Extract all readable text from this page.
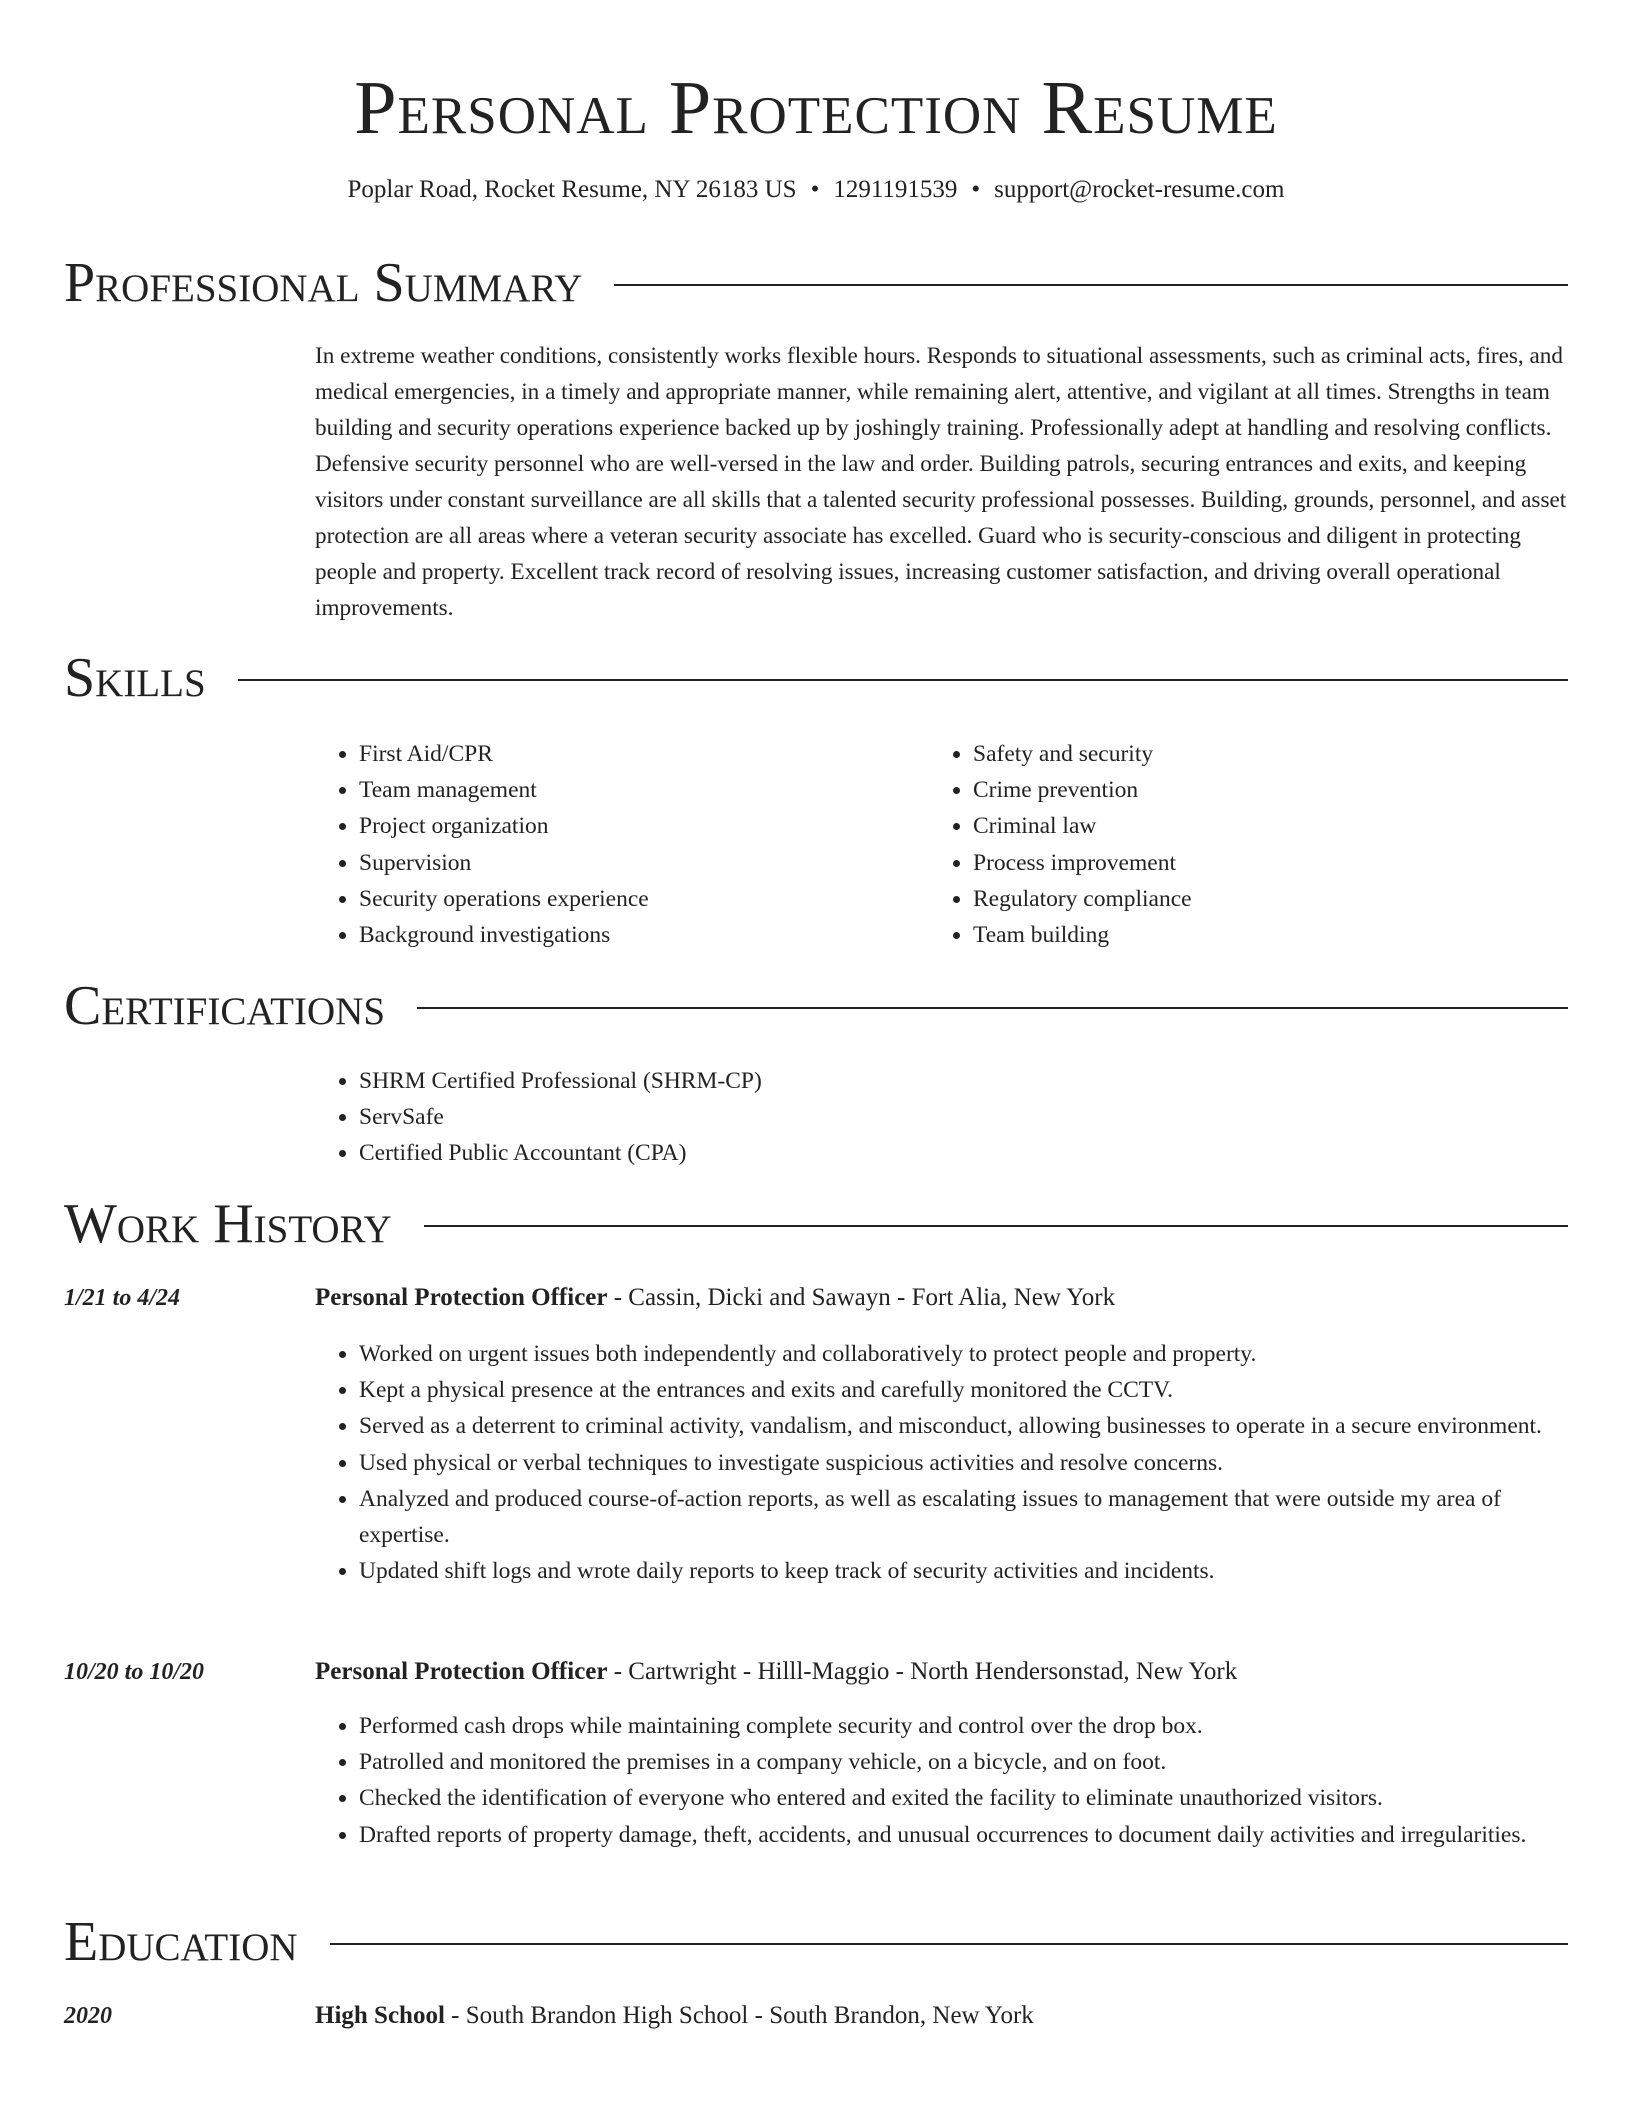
Personal Protection Resume
Poplar Road, Rocket Resume, NY 26183 US • 1291191539 • support@rocket-resume.com
Professional Summary

In extreme weather conditions, consistently works flexible hours. Responds to situational assessments, such as criminal acts, fires, and medical emergencies, in a timely and appropriate manner, while remaining alert, attentive, and vigilant at all times. Strengths in team building and security operations experience backed up by joshingly training. Professionally adept at handling and resolving conflicts. Defensive security personnel who are well-versed in the law and order. Building patrols, securing entrances and exits, and keeping visitors under constant surveillance are all skills that a talented security professional possesses. Building, grounds, personnel, and asset protection are all areas where a veteran security associate has excelled. Guard who is security-conscious and diligent in protecting people and property. Excellent track record of resolving issues, increasing customer satisfaction, and driving overall operational improvements.

Skills
• First Aid/CPR
• Team management
• Project organization
• Supervision
• Security operations experience
• Background investigations
• Safety and security
• Crime prevention
• Criminal law
• Process improvement
• Regulatory compliance
• Team building
Certifications
• SHRM Certified Professional (SHRM-CP)
• ServSafe
• Certified Public Accountant (CPA)
Work History
1/21 to 4/24	Personal Protection Officer - Cassin, Dicki and Sawayn - Fort Alia, New York
• Worked on urgent issues both independently and collaboratively to protect people and property.
• Kept a physical presence at the entrances and exits and carefully monitored the CCTV.
• Served as a deterrent to criminal activity, vandalism, and misconduct, allowing businesses to operate in a secure environment.
• Used physical or verbal techniques to investigate suspicious activities and resolve concerns.
• Analyzed and produced course-of-action reports, as well as escalating issues to management that were outside my area of expertise.
• Updated shift logs and wrote daily reports to keep track of security activities and incidents.
10/20 to 10/20	Personal Protection Officer - Cartwright - Hilll-Maggio - North Hendersonstad, New York
• Performed cash drops while maintaining complete security and control over the drop box.
• Patrolled and monitored the premises in a company vehicle, on a bicycle, and on foot.
• Checked the identification of everyone who entered and exited the facility to eliminate unauthorized visitors.
• Drafted reports of property damage, theft, accidents, and unusual occurrences to document daily activities and irregularities.
Education
2020	High School - South Brandon High School - South Brandon, New York
